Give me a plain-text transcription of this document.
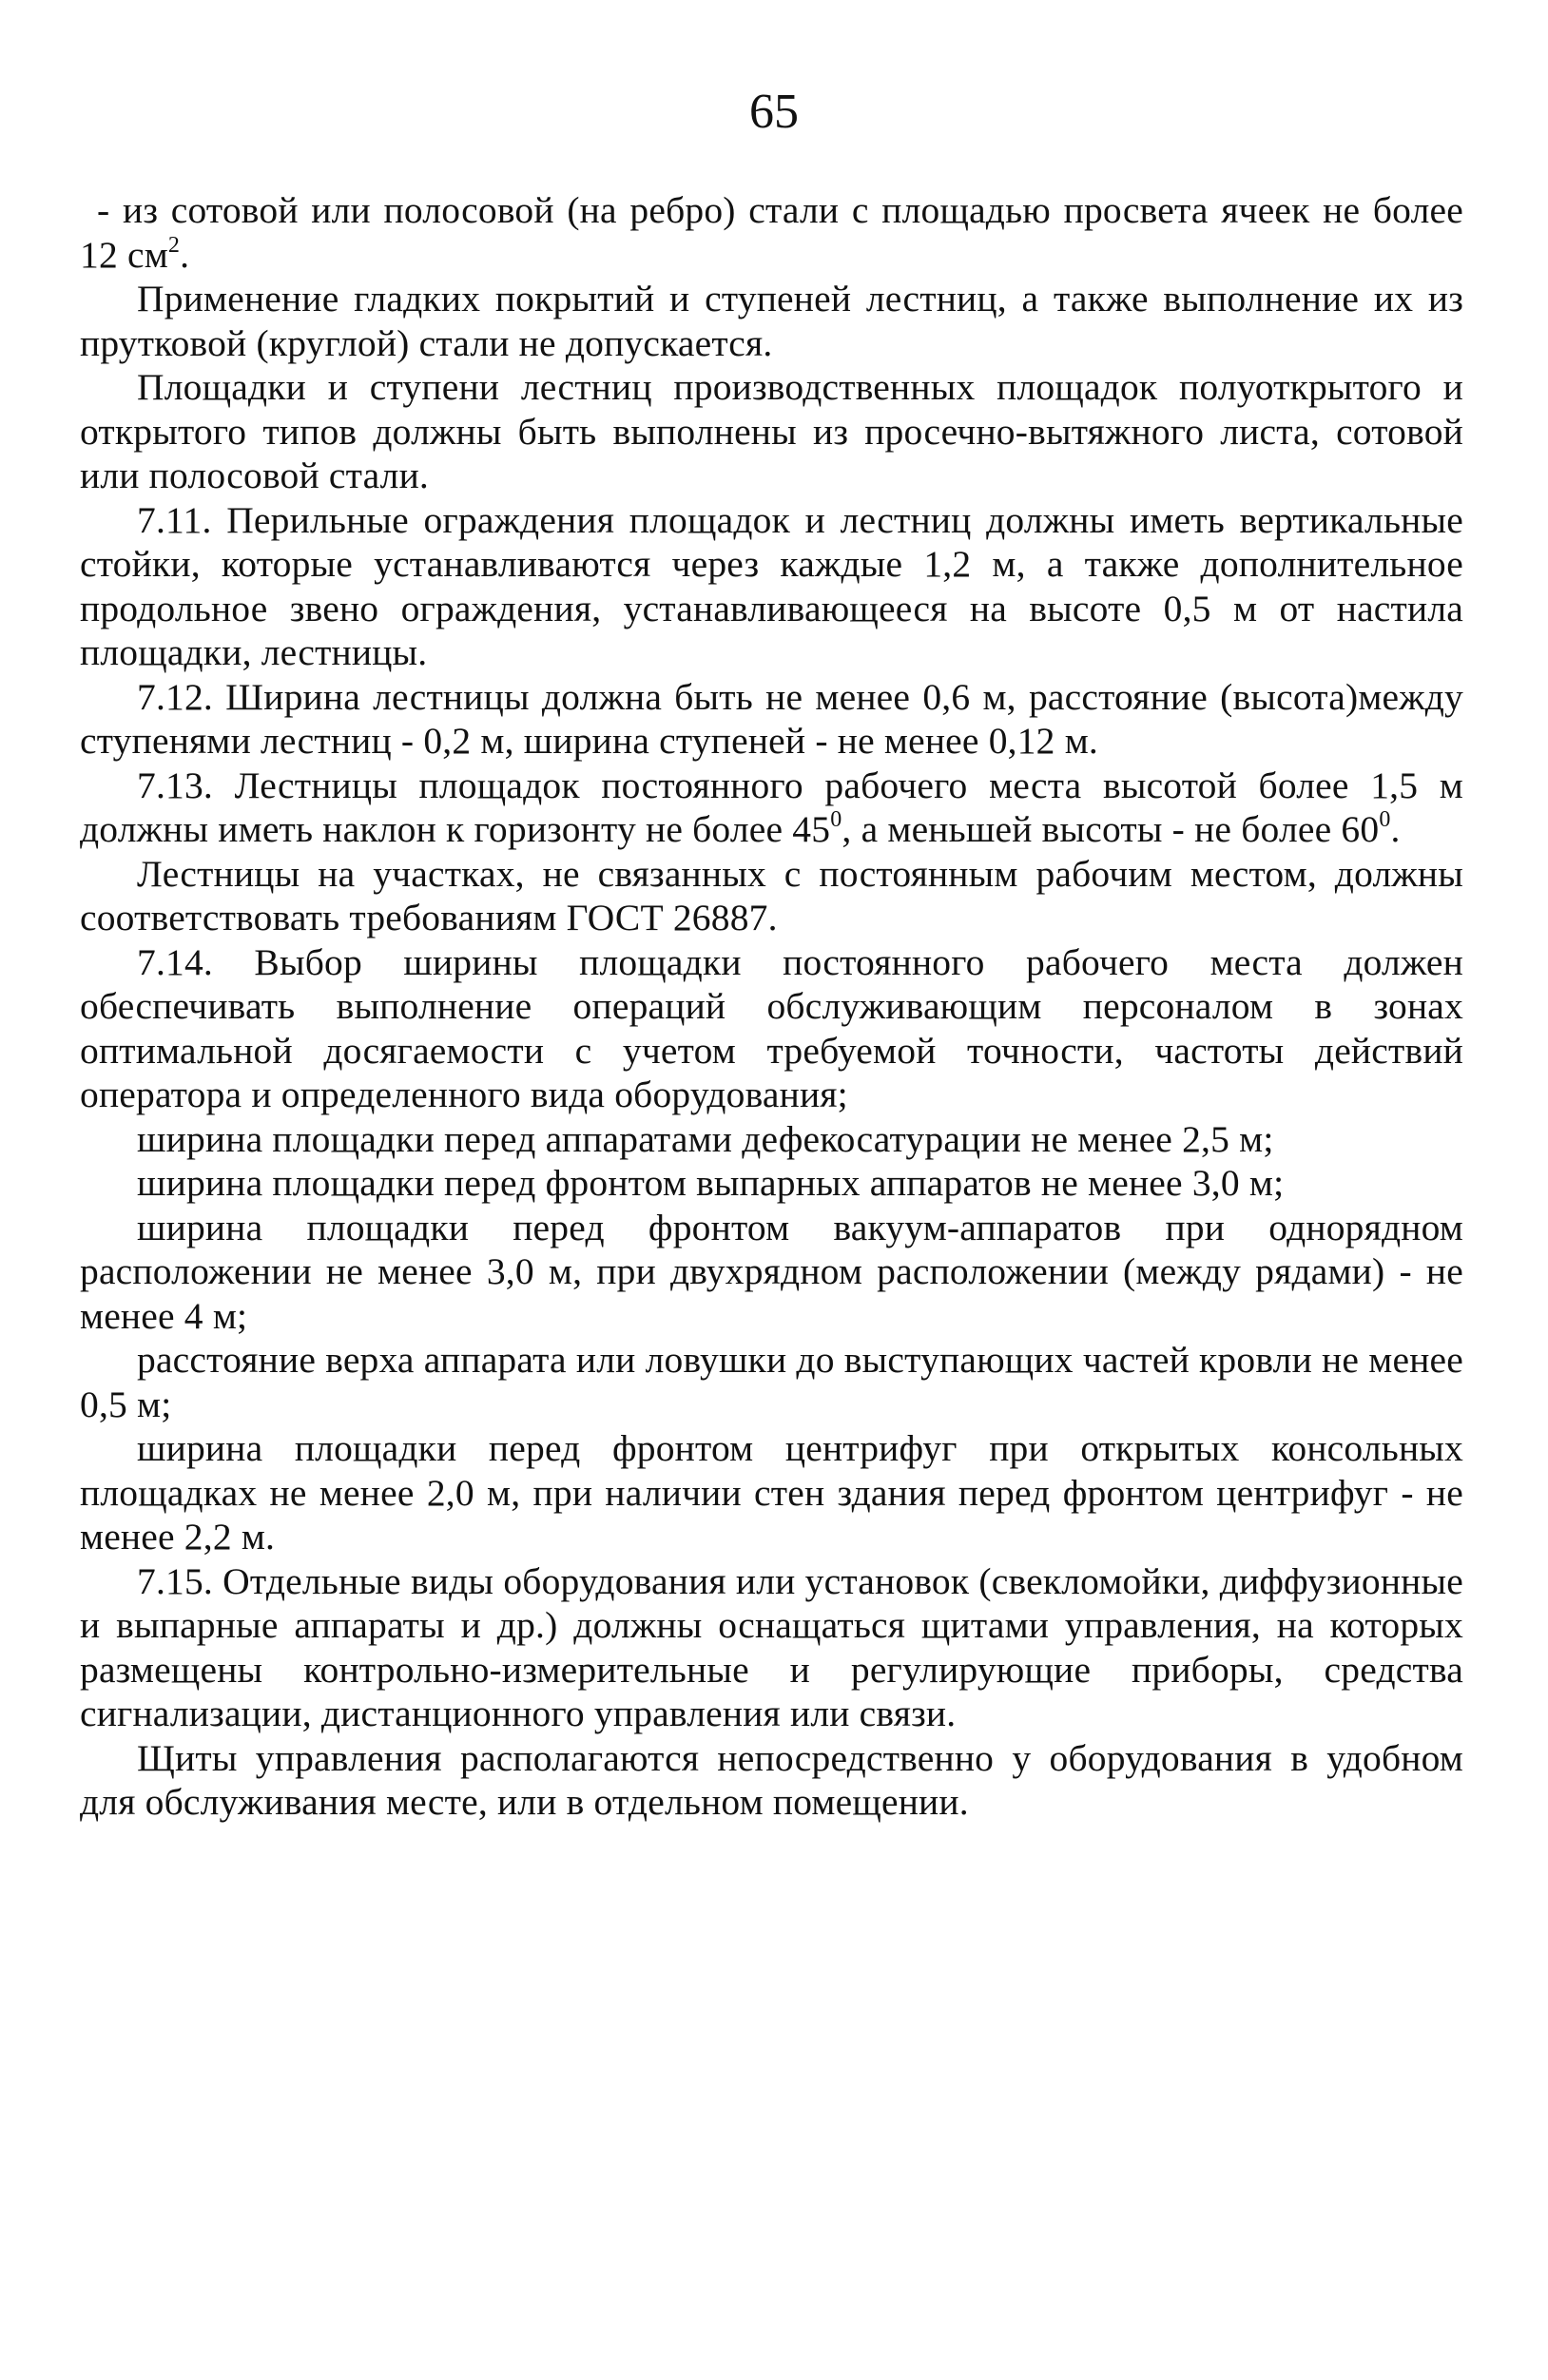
65

- из сотовой или полосовой (на ребро) стали с площадью просвета ячеек не более 12 $см^2$.

Применение гладких покрытий и ступеней лестниц, а также выполнение их из прутковой (круглой) стали не допускается.

Площадки и ступени лестниц производственных площадок полуоткрытого и открытого типов должны быть выполнены из просечно-вытяжного листа, сотовой или полосовой стали.

7.11. Перильные ограждения площадок и лестниц должны иметь вертикальные стойки, которые устанавливаются через каждые 1,2 м, а также дополнительное продольное звено ограждения, устанавливающееся на высоте 0,5 м от настила площадки, лестницы.

7.12. Ширина лестницы должна быть не менее 0,6 м, расстояние (высота)между ступенями лестниц - 0,2 м, ширина ступеней - не менее 0,12 м.

7.13. Лестницы площадок постоянного рабочего места высотой более 1,5 м должны иметь наклон к горизонту не более $45^0$, а меньшей высоты - не более $60^0$.

Лестницы на участках, не связанных с постоянным рабочим местом, должны соответствовать требованиям ГОСТ 26887.

7.14. Выбор ширины площадки постоянного рабочего места должен обеспечивать выполнение операций обслуживающим персоналом в зонах оптимальной досягаемости с учетом требуемой точности, частоты действий оператора и определенного вида оборудования;

ширина площадки перед аппаратами дефекосатурации не менее 2,5 м;

ширина площадки перед фронтом выпарных аппаратов не менее 3,0 м;

ширина площадки перед фронтом вакуум-аппаратов при однорядном расположении не менее 3,0 м, при двухрядном расположении (между рядами) - не менее 4 м;

расстояние верха аппарата или ловушки до выступающих частей кровли не менее 0,5 м;

ширина площадки перед фронтом центрифуг при открытых консольных площадках не менее 2,0 м, при наличии стен здания перед фронтом центрифуг - не менее 2,2 м.

7.15. Отдельные виды оборудования или установок (свекломойки, диффузионные и выпарные аппараты и др.) должны оснащаться щитами управления, на которых размещены контрольно-измерительные и регулирующие приборы, средства сигнализации, дистанционного управления или связи.

Щиты управления располагаются непосредственно у оборудования в удобном для обслуживания месте, или в отдельном помещении.
